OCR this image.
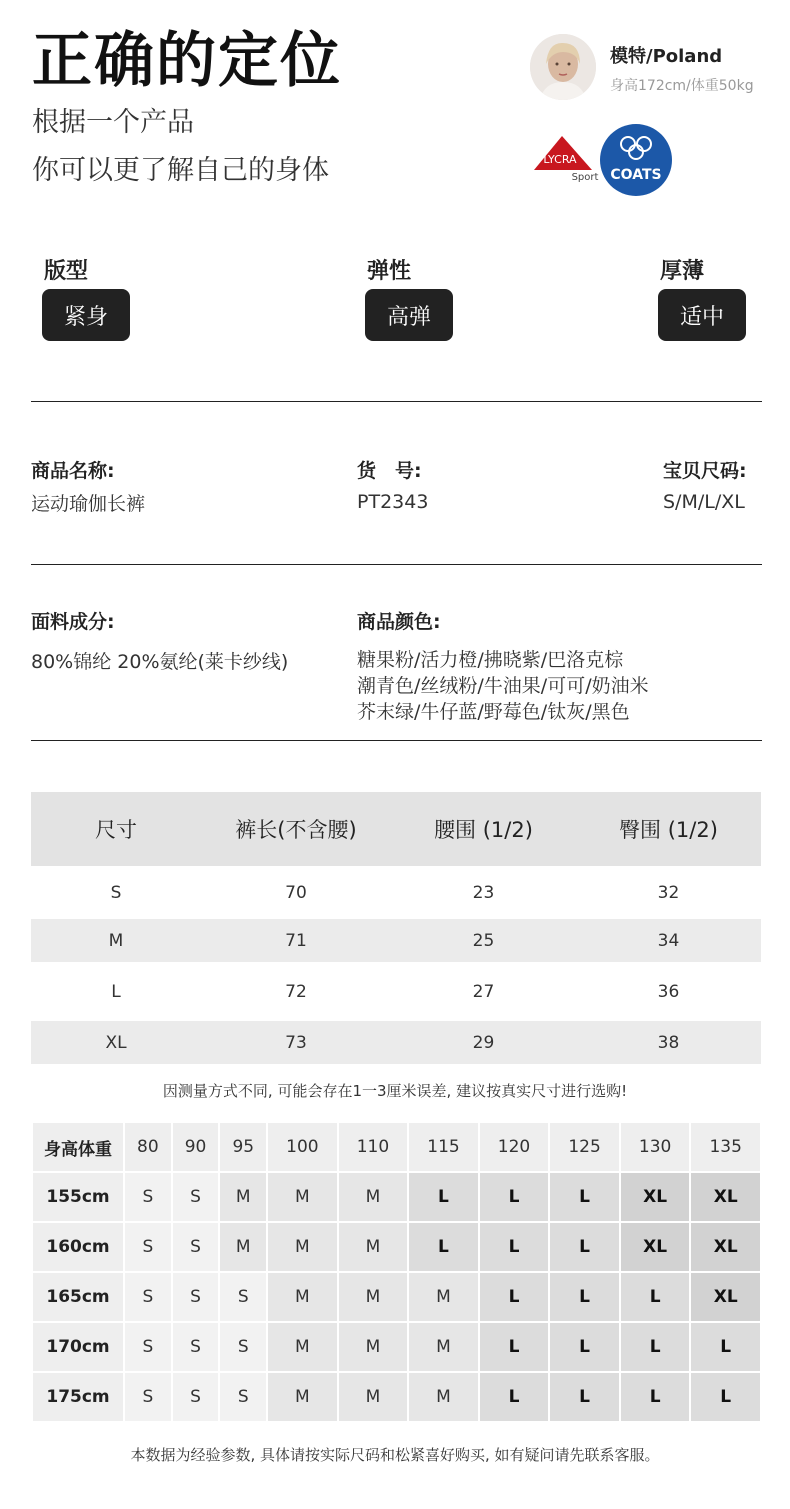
正确的定位
根据一个产品
你可以更了解自己的身体
模特/Poland
身高172cm/体重50kg
LYCRA
Sport COATS
版型
紧身
弹性
高弹
厚薄
适中
商品名称:
运动瑜伽长裤
货　号:
PT2343
宝贝尺码:
S/M/L/XL
面料成分:
80%锦纶 20%氨纶(莱卡纱线)
商品颜色:
糖果粉/活力橙/拂晓紫/巴洛克棕
潮青色/丝绒粉/牛油果/可可/奶油米
芥末绿/牛仔蓝/野莓色/钛灰/黑色
尺寸	裤长(不含腰)	腰围 (1/2)	臀围 (1/2)
S	70	23	32
M	71	25	34
L	72	27	36
XL	73	29	38
因测量方式不同, 可能会存在1一3厘米误差, 建议按真实尺寸进行选购!
身高体重	80	90	95	100	110	115	120	125	130	135
155cm	S	S	M	M	M	L	L	L	XL	XL
160cm	S	S	M	M	M	L	L	L	XL	XL
165cm	S	S	S	M	M	M	L	L	L	XL
170cm	S	S	S	M	M	M	L	L	L	L
175cm	S	S	S	M	M	M	L	L	L	L
本数据为经验参数, 具体请按实际尺码和松紧喜好购买, 如有疑问请先联系客服。
